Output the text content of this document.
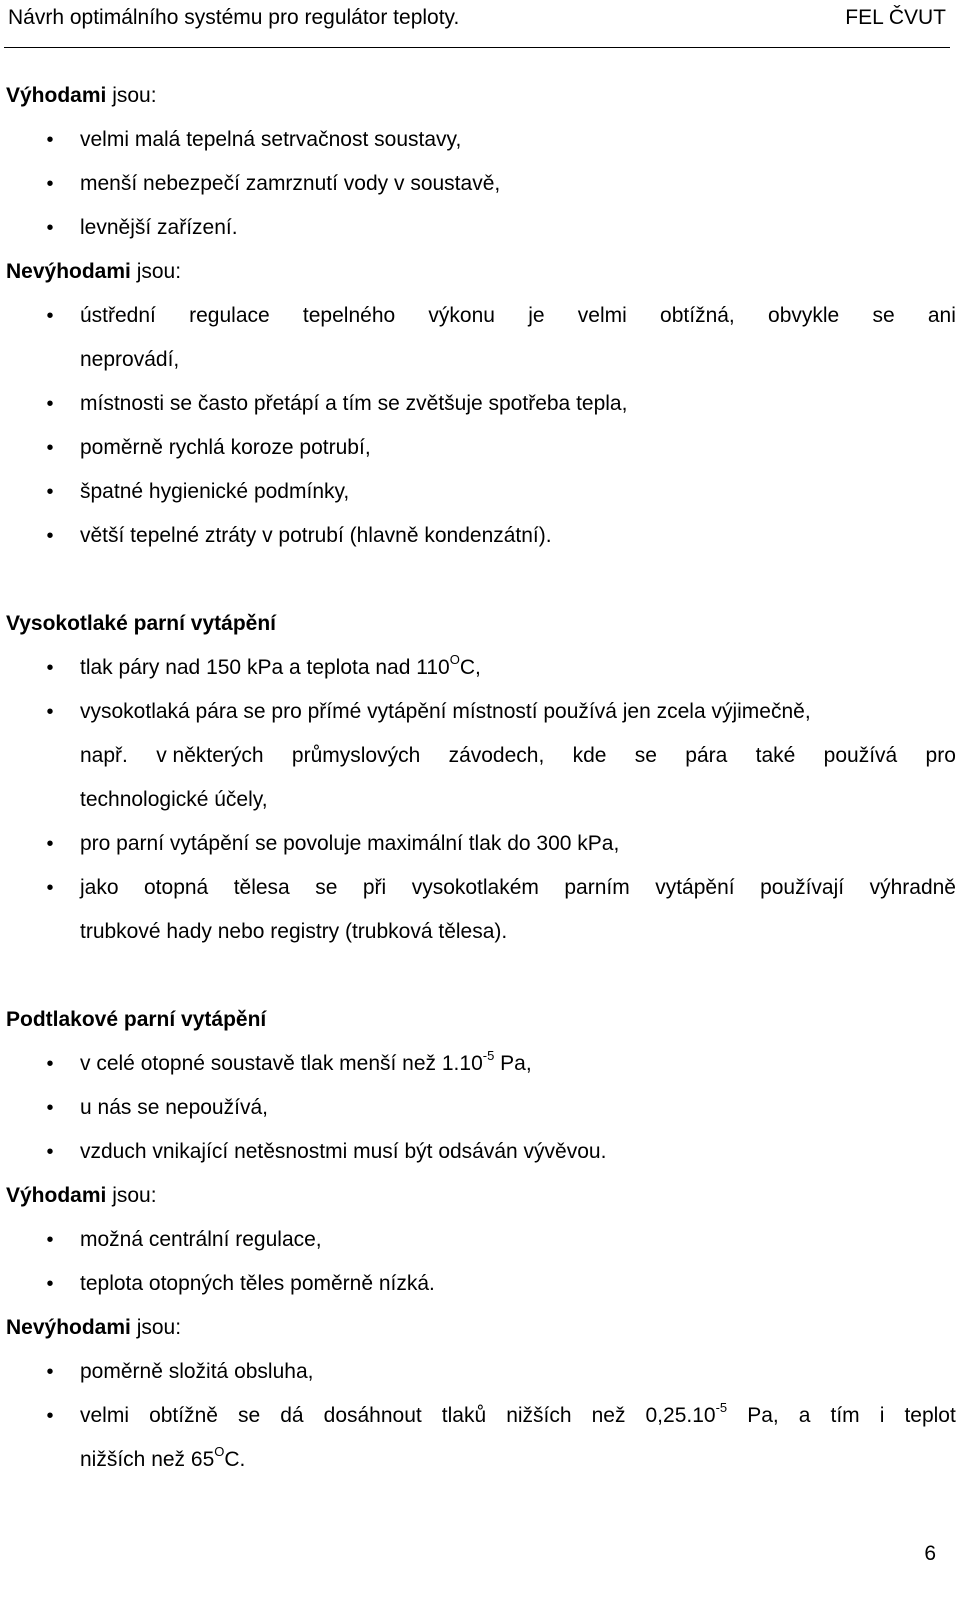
Návrh optimálního systému pro regulátor teploty.	FEL ČVUT
Výhodami jsou:
•	velmi malá tepelná setrvačnost soustavy,
•	menší nebezpečí zamrznutí vody v soustavě,
•	levnější zařízení.
Nevýhodami jsou:
•	ústřední regulace tepelného výkonu je velmi obtížná, obvykle se ani
neprovádí,
•	místnosti se často přetápí a tím se zvětšuje spotřeba tepla,
•	poměrně rychlá koroze potrubí,
•	špatné hygienické podmínky,
•	větší tepelné ztráty v potrubí (hlavně kondenzátní).
Vysokotlaké parní vytápění
•	tlak páry nad 150 kPa a teplota nad $110^OC$,
•	vysokotlaká pára se pro přímé vytápění místností používá jen zcela výjimečně,
např. v některých průmyslových závodech, kde se pára také používá pro
technologické účely,
•	pro parní vytápění se povoluje maximální tlak do 300 kPa,
•	jako otopná tělesa se při vysokotlakém parním vytápění používají výhradně
trubkové hady nebo registry (trubková tělesa).
Podtlakové parní vytápění
•	v celé otopné soustavě tlak menší než $1.10^{-5}$ Pa,
•	u nás se nepoužívá,
•	vzduch vnikající netěsnostmi musí být odsáván vývěvou.
Výhodami jsou:
•	možná centrální regulace,
•	teplota otopných těles poměrně nízká.
Nevýhodami jsou:
•	poměrně složitá obsluha,
•	velmi obtížně se dá dosáhnout tlaků nižších než $0,25.10^{-5}$ Pa, a tím i teplot
nižších než $65^OC$.
6
